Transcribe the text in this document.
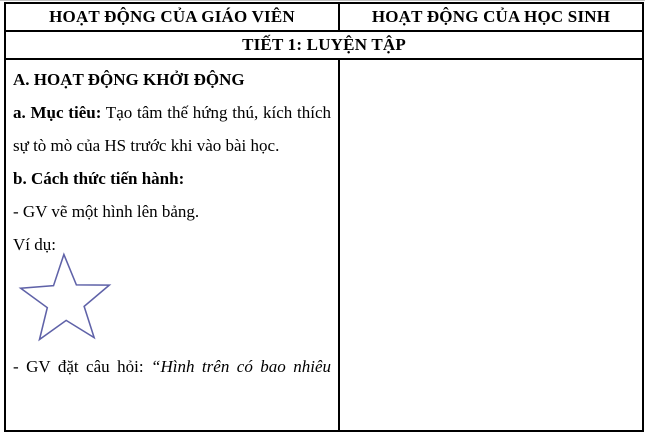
HOẠT ĐỘNG CỦA GIÁO VIÊN	HOẠT ĐỘNG CỦA HỌC SINH
TIẾT 1: LUYỆN TẬP	

A. HOẠT ĐỘNG KHỞI ĐỘNG

a. Mục tiêu: Tạo tâm thế hứng thú, kích thích sự tò mò của HS trước khi vào bài học.

b. Cách thức tiến hành:

- GV vẽ một hình lên bảng.

Ví dụ:

- GV đặt câu hỏi: “Hình trên có bao nhiêu
